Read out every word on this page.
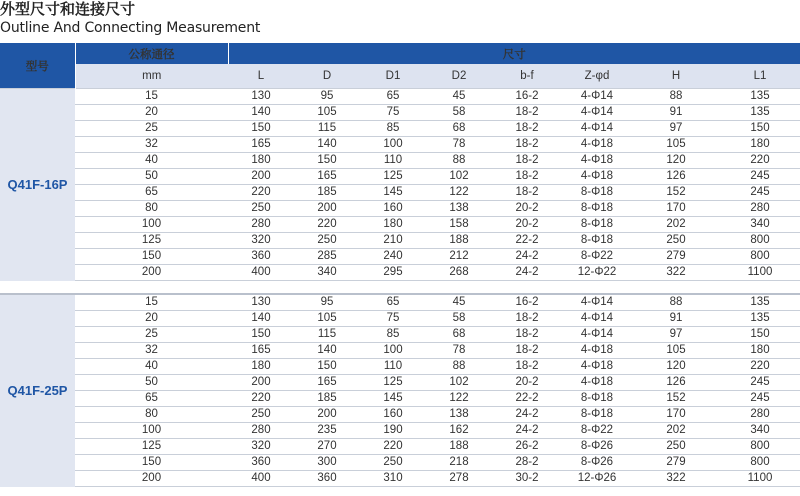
外型尺寸和连接尺寸
Outline And Connecting Measurement
型号	公称通径	尺寸							
	mm	L	D	D1	D2	b-f	Z-φd	H	L1
Q41F-16P	15	130	95	65	45	16-2	4-Φ14	88	135
	20	140	105	75	58	18-2	4-Φ14	91	135
	25	150	115	85	68	18-2	4-Φ14	97	150
	32	165	140	100	78	18-2	4-Φ18	105	180
	40	180	150	110	88	18-2	4-Φ18	120	220
	50	200	165	125	102	18-2	4-Φ18	126	245
	65	220	185	145	122	18-2	8-Φ18	152	245
	80	250	200	160	138	20-2	8-Φ18	170	280
	100	280	220	180	158	20-2	8-Φ18	202	340
	125	320	250	210	188	22-2	8-Φ18	250	800
	150	360	285	240	212	24-2	8-Φ22	279	800
	200	400	340	295	268	24-2	12-Φ22	322	1100

Q41F-25P	15	130	95	65	45	16-2	4-Φ14	88	135
	20	140	105	75	58	18-2	4-Φ14	91	135
	25	150	115	85	68	18-2	4-Φ14	97	150
	32	165	140	100	78	18-2	4-Φ18	105	180
	40	180	150	110	88	18-2	4-Φ18	120	220
	50	200	165	125	102	20-2	4-Φ18	126	245
	65	220	185	145	122	22-2	8-Φ18	152	245
	80	250	200	160	138	24-2	8-Φ18	170	280
	100	280	235	190	162	24-2	8-Φ22	202	340
	125	320	270	220	188	26-2	8-Φ26	250	800
	150	360	300	250	218	28-2	8-Φ26	279	800
	200	400	360	310	278	30-2	12-Φ26	322	1100
